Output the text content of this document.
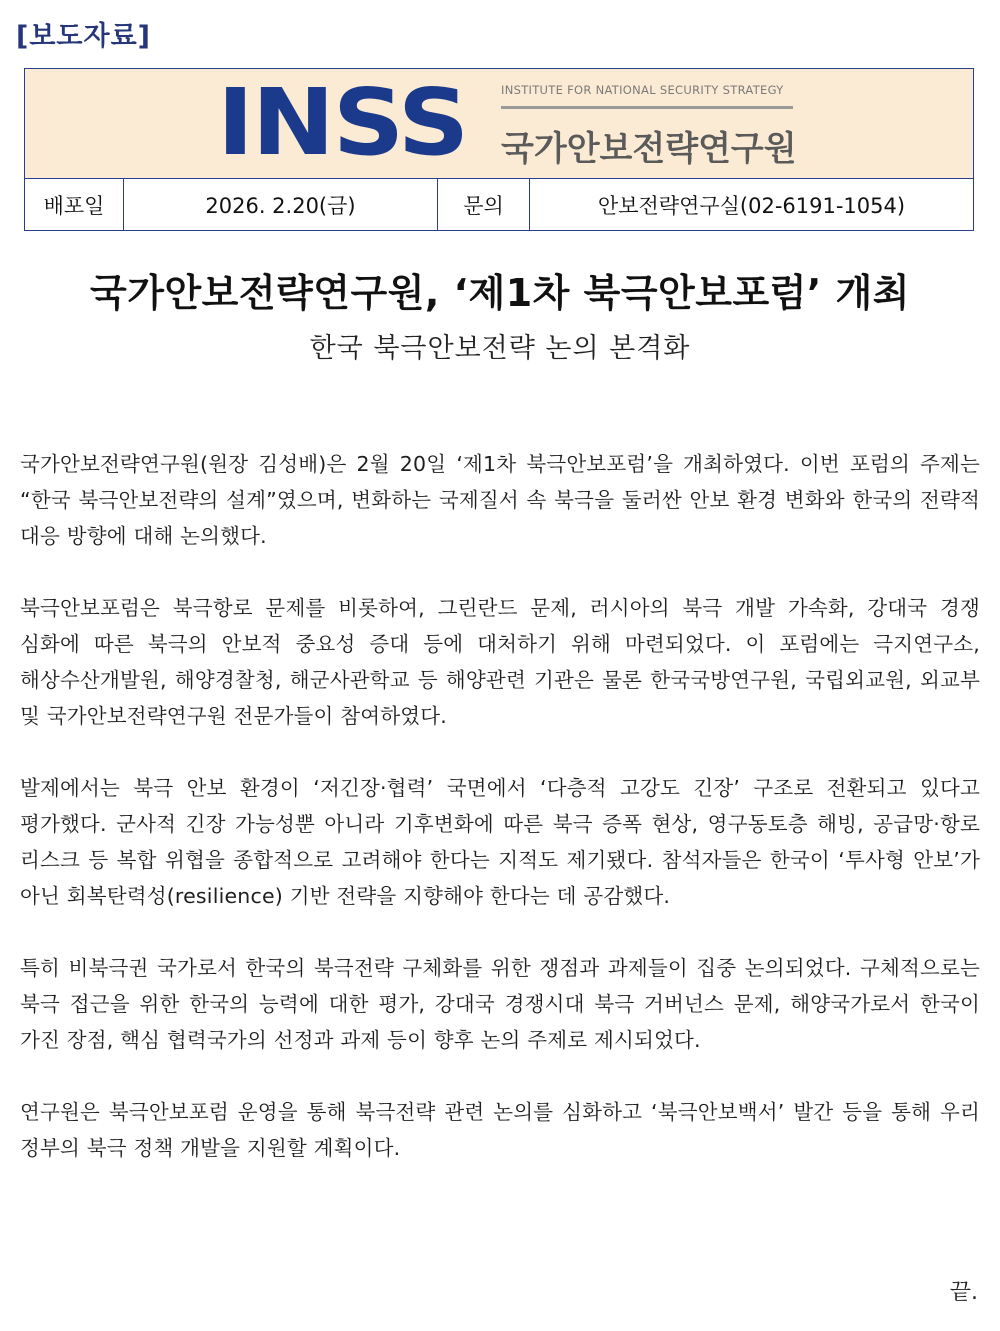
[보도자료]
INSS	INSTITUTE FOR NATIONAL SECURITY STRATEGY
국가안보전략연구원
배포일	2026. 2.20(금)	문의	안보전략연구실(02-6191-1054)
국가안보전략연구원, ‘제1차 북극안보포럼’ 개최
한국 북극안보전략 논의 본격화

국가안보전략연구원(원장 김성배)은 2월 20일 ‘제1차 북극안보포럼’을 개최하였다. 이번 포럼의 주제는 “한국 북극안보전략의 설계”였으며, 변화하는 국제질서 속 북극을 둘러싼 안보 환경 변화와 한국의 전략적 대응 방향에 대해 논의했다.

북극안보포럼은 북극항로 문제를 비롯하여, 그린란드 문제, 러시아의 북극 개발 가속화, 강대국 경쟁 심화에 따른 북극의 안보적 중요성 증대 등에 대처하기 위해 마련되었다. 이 포럼에는 극지연구소, 해상수산개발원, 해양경찰청, 해군사관학교 등 해양관련 기관은 물론 한국국방연구원, 국립외교원, 외교부 및 국가안보전략연구원 전문가들이 참여하였다.

발제에서는 북극 안보 환경이 ‘저긴장·협력’ 국면에서 ‘다층적 고강도 긴장’ 구조로 전환되고 있다고 평가했다. 군사적 긴장 가능성뿐 아니라 기후변화에 따른 북극 증폭 현상, 영구동토층 해빙, 공급망·항로 리스크 등 복합 위협을 종합적으로 고려해야 한다는 지적도 제기됐다. 참석자들은 한국이 ‘투사형 안보’가 아닌 회복탄력성(resilience) 기반 전략을 지향해야 한다는 데 공감했다.

특히 비북극권 국가로서 한국의 북극전략 구체화를 위한 쟁점과 과제들이 집중 논의되었다. 구체적으로는 북극 접근을 위한 한국의 능력에 대한 평가, 강대국 경쟁시대 북극 거버넌스 문제, 해양국가로서 한국이 가진 장점, 핵심 협력국가의 선정과 과제 등이 향후 논의 주제로 제시되었다.

연구원은 북극안보포럼 운영을 통해 북극전략 관련 논의를 심화하고 ‘북극안보백서’ 발간 등을 통해 우리 정부의 북극 정책 개발을 지원할 계획이다.

끝.
